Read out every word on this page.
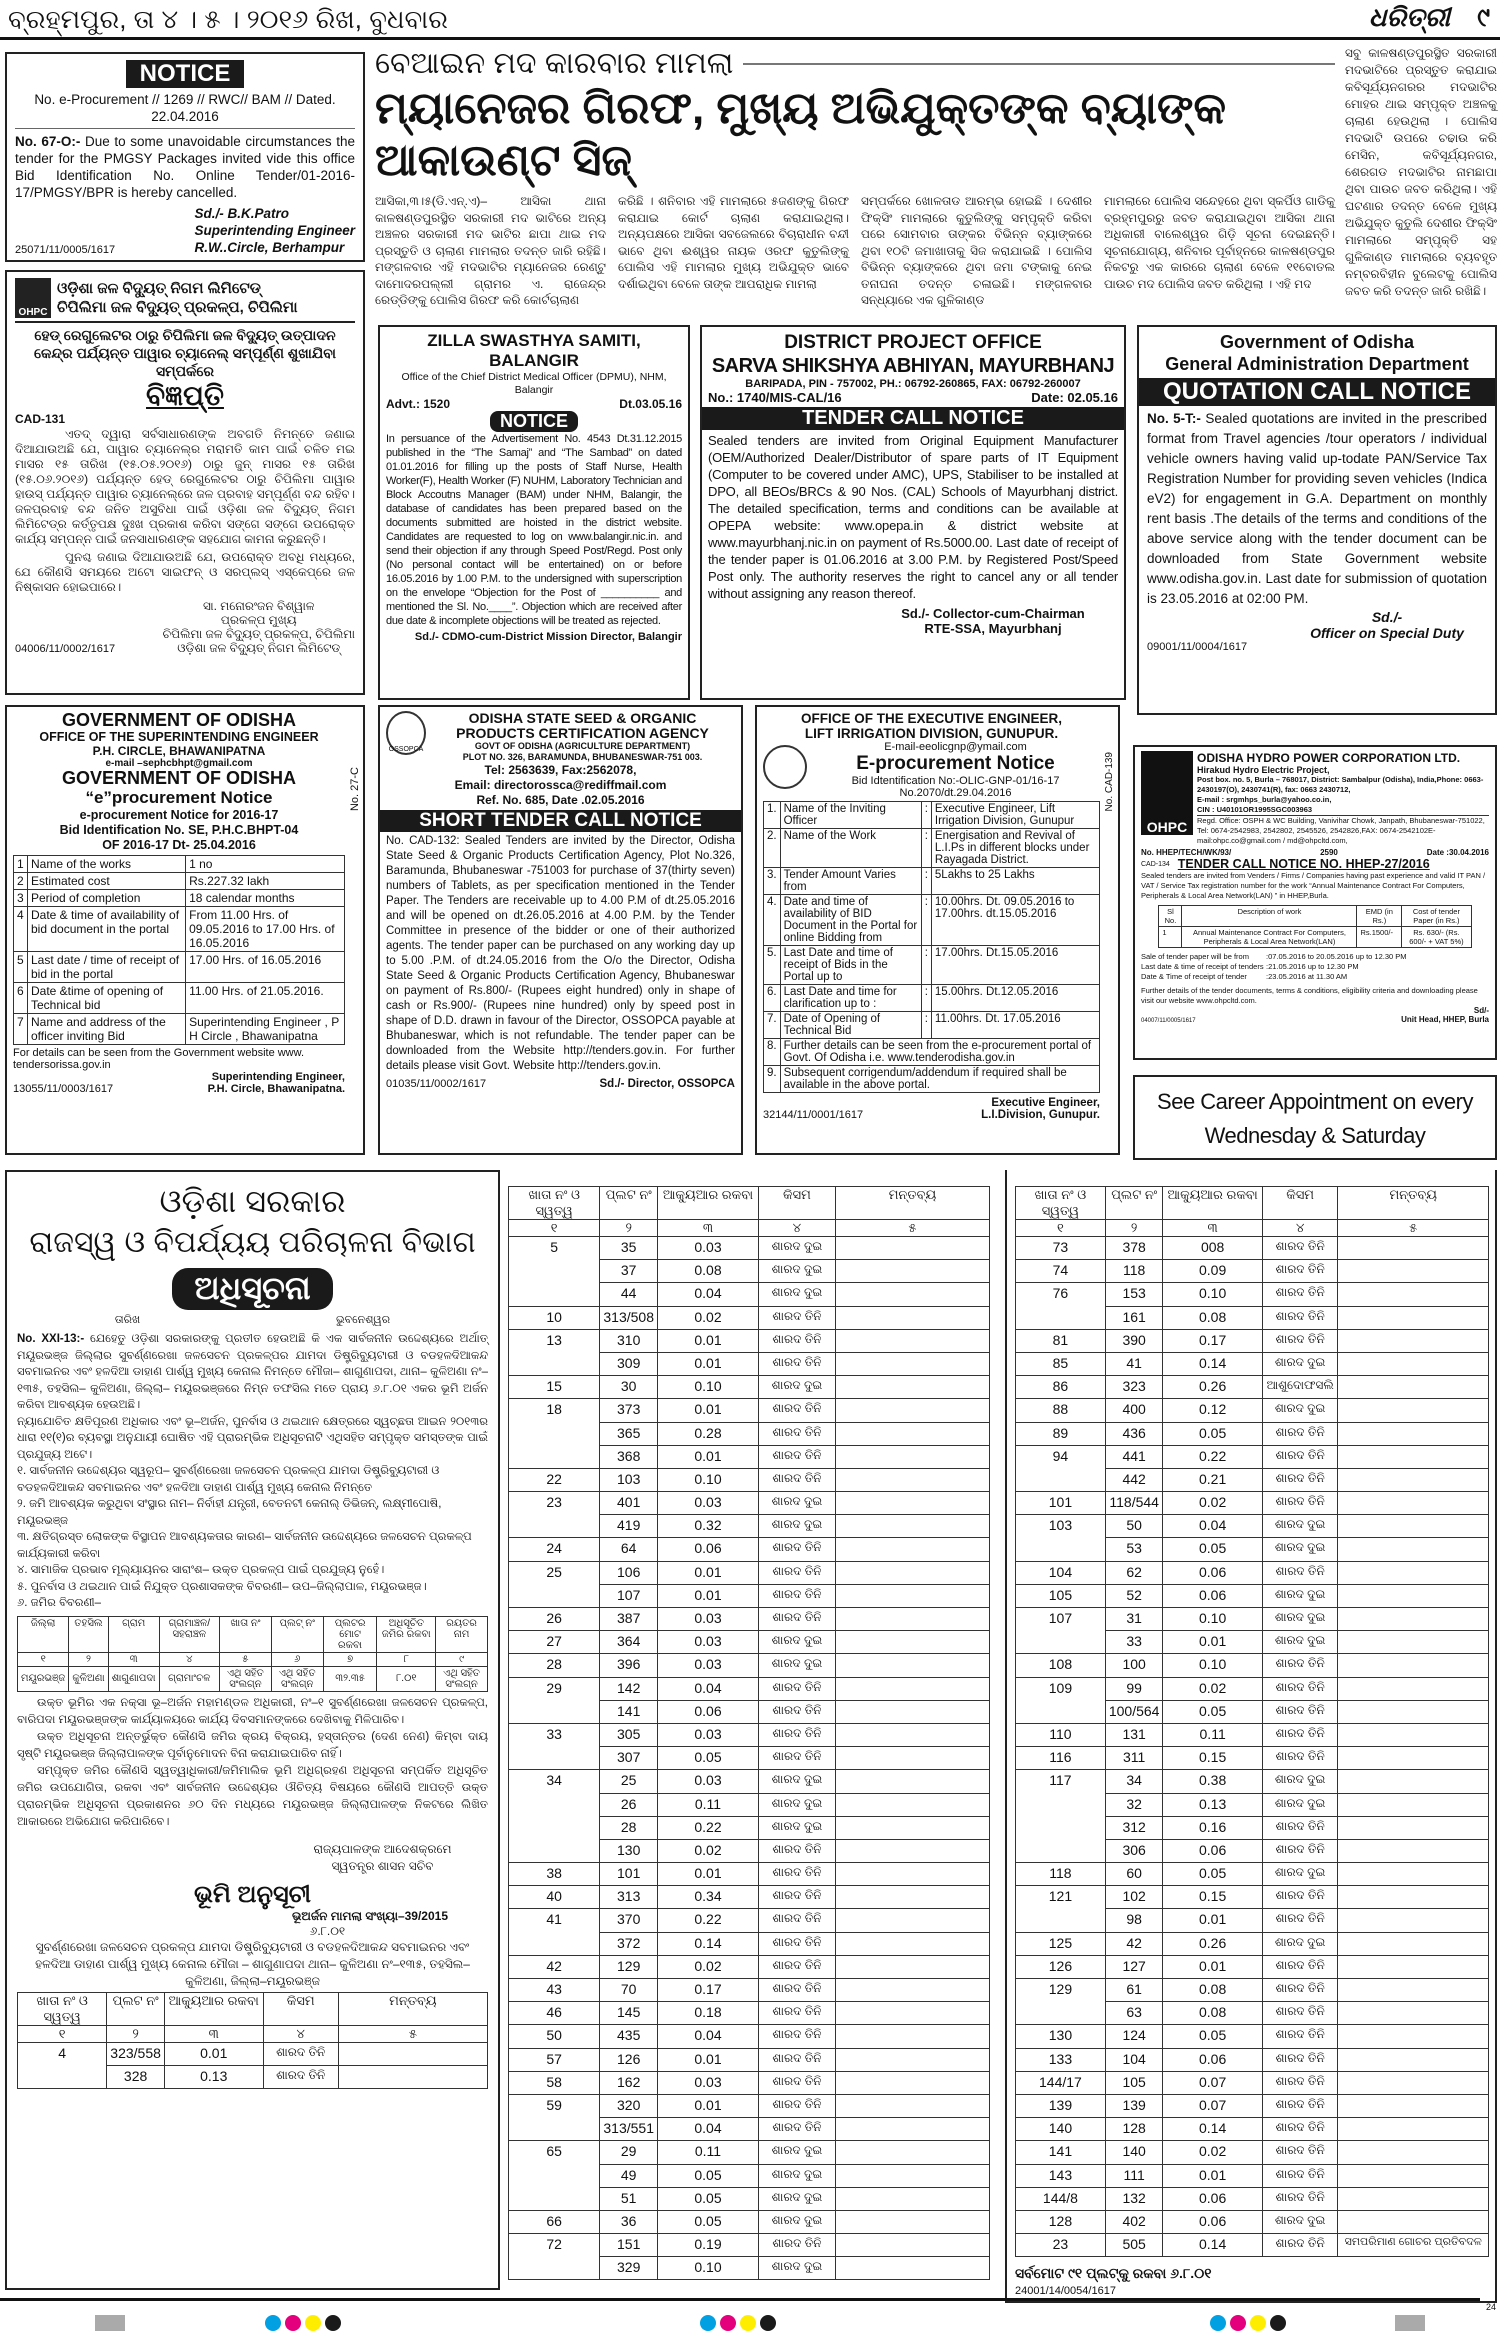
ବ୍ରହ୍ମପୁର, ତା ୪ । ୫ । ୨୦୧୬ ରିଖ, ବୁଧବାର	ଧରିତ୍ରୀ ୯
NOTICE
No. e-Procurement // 1269 // RWC// BAM // Dated. 22.04.2016
No. 67-O:- Due to some unavoidable circumstances the tender for the PMGSY Packages invited vide this office Bid Identification No. Online Tender/01-2016-17/PMGSY/BPR is hereby cancelled.
25071/11/0005/1617
Sd./- B.K.Patro
Superintending Engineer
R.W..Circle, Berhampur
OHPC
ଓଡ଼ିଶା ଜଳ ବିଦ୍ୟୁତ୍ ନିଗମ ଲିମିଟେଡ୍
ଚିପିଲିମା ଜଳ ବିଦ୍ୟୁତ୍ ପ୍ରକଳ୍ପ, ଚିପିଲିମା
ହେଡ୍ ରେଗୁଲେଟର ଠାରୁ ଚିପିଲିମା ଜଳ ବିଦ୍ୟୁତ୍ ଉତ୍ପାଦନ କେନ୍ଦ୍ର ପର୍ଯ୍ୟନ୍ତ ପାୱାର ଚ୍ୟାନେଲ୍ ସମ୍ପୂର୍ଣ୍ଣ ଶୁଖାଯିବା ସମ୍ପର୍କରେ
ବିଜ୍ଞପ୍ତି
CAD-131
ଏତଦ୍ ଦ୍ୱାରା ସର୍ବସାଧାରଣଙ୍କ ଅବଗତି ନିମନ୍ତେ ଜଣାଇ ଦିଆଯାଉଅଛି ଯେ, ପାୱାର ଚ୍ୟାନେଲ୍‌ର ମରାମତି କାମ ପାଇଁ ଚଳିତ ମଇ ମାସର ୧୫ ତାରିଖ (୧୫.୦୫.୨୦୧୬) ଠାରୁ ଜୁନ୍ ମାସର ୧୫ ତାରିଖ (୧୫.୦୬.୨୦୧୬) ପର୍ଯ୍ୟନ୍ତ ହେଡ୍ ରେଗୁଲେଟର ଠାରୁ ଚିପିଲିମା ପାୱାର ହାଉସ୍ ପର୍ଯ୍ୟନ୍ତ ପାୱାର ଚ୍ୟାନେଲ୍‌ରେ ଜଳ ପ୍ରବାହ ସମ୍ପୂର୍ଣ୍ଣ ବନ୍ଦ ରହିବ। ଜଳପ୍ରବାହ ବନ୍ଦ ଜନିତ ଅସୁବିଧା ପାଇଁ ଓଡ଼ିଶା ଜଳ ବିଦ୍ୟୁତ୍ ନିଗମ ଲିମିଟେଡ୍‌ର କର୍ତ୍ତୃପକ୍ଷ ଦୁଃଖ ପ୍ରକାଶ କରିବା ସଙ୍ଗେ ସଙ୍ଗେ ଉପରୋକ୍ତ କାର୍ଯ୍ୟ ସମ୍ପନ୍ନ ପାଇଁ ଜନସାଧାରଣଙ୍କ ସହଯୋଗ କାମନା କରୁଛନ୍ତି।
ପୁନଶ୍ଚ ଜଣାଇ ଦିଆଯାଉଅଛି ଯେ, ଉପରୋକ୍ତ ଅବଧି ମଧ୍ୟରେ, ଯେ କୌଣସି ସମୟରେ ଅଟୋ ସାଇଫନ୍ ଓ ସରପ୍ଲସ୍ ଏସ୍କେପ୍‌ରେ ଜଳ ନିଷ୍କାସନ ହୋଇପାରେ।
04006/11/0002/1617
ସା. ମନୋରଂଜନ ବିଶ୍ୱାଳ
ପ୍ରକଳ୍ପ ମୁଖ୍ୟ
ଚିପିଲିମା ଜଳ ବିଦ୍ୟୁତ୍ ପ୍ରକଳ୍ପ, ଚିପିଲିମା
ଓଡ଼ିଶା ଜଳ ବିଦ୍ୟୁତ୍ ନିଗମ ଲିମିଟେଡ୍
ବେଆଇନ ମଦ କାରବାର ମାମଲା
ମ୍ୟାନେଜର ଗିରଫ, ମୁଖ୍ୟ ଅଭିଯୁକ୍ତଙ୍କ ବ୍ୟାଙ୍କ ଆକାଉଣ୍ଟ ସିଜ୍
ଆସିକା,୩।୫(ଡି.ଏନ୍.ଏ)– ଆସିକା ଥାନା କାଳଷଣ୍ଡପୁରସ୍ଥିତ ସରକାରୀ ମଦ ଭାଟିରେ ଅନ୍ୟ ଅଞ୍ଚଳର ସରକାରୀ ମଦ ଭାଟିର ଛାପା ଥାଇ ମଦ ପ୍ରସ୍ତୁତି ଓ ଚାଲାଣ ମାମଲାର ତଦନ୍ତ ଜାରି ରହିଛି। ମଙ୍ଗଳବାର ଏହି ମଦଭାଟିର ମ୍ୟାନେଜର ରେଣ୍ଟୁ ଦାମୋଦରପଲ୍ଲୀ ଗ୍ରାମର ଏ. ରାଜେନ୍ଦ୍ର ରେଡ୍ଡିଙ୍କୁ ପୋଲିସ ଗିରଫ କରି କୋର୍ଟଚାଲାଣ
କରିଛି । ଶନିବାର ଏହି ମାମଲାରେ ୫ଜଣଙ୍କୁ ଗିରଫ କରାଯାଇ କୋର୍ଟ ଚାଲାଣ କରାଯାଇଥିଲା। ଅନ୍ୟପକ୍ଷରେ ଆସିକା ସବଜେଲରେ ବିଚାରାଧୀନ ବନ୍ଦୀ ଭାବେ ଥିବା ଈଶ୍ୱର ନାୟକ ଓରଫ କୁତୁଲିଙ୍କୁ ପୋଲିସ ଏହି ମାମଲାର ମୁଖ୍ୟ ଅଭିଯୁକ୍ତ ଭାବେ ଦର୍ଶାଇଥିବା ବେଳେ ତାଙ୍କ ଆପରାଧିକ ମାମଲା
ସମ୍ପର୍କରେ ଖୋଳତାଡ ଆରମ୍ଭ ହୋଇଛି । ଦେଶୀର ଫିକ୍ସିଂ ମାମଲାରେ କୁତୁଲିଙ୍କୁ ସମ୍ପୃକ୍ତି କରିବା ପରେ ସୋମବାର ତାଙ୍କର ବିଭିନ୍ନ ବ୍ୟାଙ୍କରେ ଥିବା ୧୦ଟି ଜମାଖାତାକୁ ସିଜ କରାଯାଇଛି । ପୋଲିସ ବିଭିନ୍ନ ବ୍ୟାଙ୍କରେ ଥିବା ଜମା ଟଙ୍କାକୁ ନେଇ ତନାଘନା ତଦନ୍ତ ଚଳାଇଛି। ମଙ୍ଗଳବାର ସନ୍ଧ୍ୟାରେ ଏକ ଗୁଳିକାଣ୍ଡ
ମାମଲାରେ ପୋଲିସ ସନ୍ଦେହରେ ଥିବା ସ୍କର୍ପିଓ ଗାଡିକୁ ବ୍ରହ୍ମପୁରରୁ ଜବତ କରାଯାଇଥିବା ଆସିକା ଥାନା ଅଧିକାରୀ ବାଲେଶ୍ୱର ଗିଡ଼ି ସୂଚନା ଦେଇଛନ୍ତି। ସୂଚନାଯୋଗ୍ୟ, ଶନିବାର ପୂର୍ବାହ୍ନରେ କାଳଷଣ୍ଡପୁର ନିକଟରୁ ଏକ କାରରେ ଚାଲାଣ ବେଳେ ୧୧ବୋତଲ ପାଉଚ ମଦ ପୋଲିସ ଜବତ କରିଥିଲା । ଏହି ମଦ
ସବୁ କାଳଷଣ୍ଡପୁରସ୍ଥିତ ସରକାରୀ ମଦଭାଟିରେ ପ୍ରସ୍ତୁତ କରାଯାଇ କବିସୂର୍ଯ୍ୟନଗରର ମଦଭାଟିର ମୋହର ଥାଇ ସମ୍ପୃକ୍ତ ଅଞ୍ଚଳକୁ ଚାଲାଣ ହେଉଥିଲା । ପୋଲିସ ମଦଭାଟି ଉପରେ ଚଢାଉ କରି ମେସିନ, କବିସୂର୍ଯ୍ୟନଗର, ଶେରଗଡ ମଦଭାଟିର ନାମଛାପା ଥିବା ପାଉଚ ଜବତ କରିଥିଲା। ଏହି ଘଟଣାର ତଦନ୍ତ ବେଳେ ମୁଖ୍ୟ ଅଭିଯୁକ୍ତ କୁତୁଲି ଦେଶୀର ଫିକ୍ସିଂ ମାମଲାରେ ସମ୍ପୃକ୍ତି ସହ ଗୁଳିକାଣ୍ଡ ମାମଲାରେ ବ୍ୟବହୃତ ନମ୍ବରବିହୀନ ବୁଲେଟକୁ ପୋଲିସ ଜବତ କରି ତଦନ୍ତ ଜାରି ରଖିଛି।
ZILLA SWASTHYA SAMITI, BALANGIR
Office of the Chief District Medical Officer (DPMU), NHM, Balangir
Advt.: 1520	Dt.03.05.16
NOTICE
In persuance of the Advertisement No. 4543 Dt.31.12.2015 published in the “The Samaj” and “The Sambad” on dated 01.01.2016 for filling up the posts of Staff Nurse, Health Worker(F), Health Worker (F) NUHM, Laboratory Technician and Block Accoutns Manager (BAM) under NHM, Balangir, the database of candidates has been prepared based on the documents submitted are hoisted in the district website. Candidates are requested to log on www.balangir.nic.in. and send their objection if any through Speed Post/Regd. Post only (No personal contact will be entertained) on or before 16.05.2016 by 1.00 P.M. to the undersigned with superscription on the envelope “Objection for the Post of __________ and mentioned the Sl. No.____”. Objection which are received after due date & incomplete objections will be treated as rejected.
Sd./- CDMO-cum-District Mission Director, Balangir
DISTRICT PROJECT OFFICE
SARVA SHIKSHYA ABHIYAN, MAYURBHANJ
BARIPADA, PIN - 757002, PH.: 06792-260865, FAX: 06792-260007
No.: 1740/MIS-CAL/16	Date: 02.05.16
TENDER CALL NOTICE
Sealed tenders are invited from Original Equipment Manufacturer (OEM/Authorized Dealer/Distributor of spare parts of IT Equipment (Computer to be covered under AMC), UPS, Stabiliser to be installed at DPO, all BEOs/BRCs & 90 Nos. (CAL) Schools of Mayurbhanj district. The detailed specification, terms and conditions can be available at OPEPA website: www.opepa.in & district website at www.mayurbhanj.nic.in on payment of Rs.5000.00. Last date of receipt of the tender paper is 01.06.2016 at 3.00 P.M. by Registered Post/Speed Post only. The authority reserves the right to cancel any or all tender without assigning any reason thereof.
Sd./- Collector-cum-Chairman
RTE-SSA, Mayurbhanj
Government of Odisha
General Administration Department
QUOTATION CALL NOTICE
No. 5-T:- Sealed quotations are invited in the prescribed format from Travel agencies /tour operators / individual vehicle owners having valid up-todate PAN/Service Tax Registration Number for providing seven vehicles (Indica eV2) for engagement in G.A. Department on monthly rent basis .The details of the terms and conditions of the above service along with the tender document can be downloaded from State Government website www.odisha.gov.in. Last date for submission of quotation is 23.05.2016 at 02:00 PM.
Sd./-
Officer on Special Duty
09001/11/0004/1617
No. 27-C
GOVERNMENT OF ODISHA
OFFICE OF THE SUPERINTENDING ENGINEER
P.H. CIRCLE, BHAWANIPATNA
e-mail –sephcbhpt@gmail.com
GOVERNMENT OF ODISHA
“e”procurement Notice
e-procurement Notice for 2016-17
Bid Identification No. SE, P.H.C.BHPT-04
OF 2016-17 Dt- 25.04.2016
1	Name of the works	1 no
2	Estimated cost	Rs.227.32 lakh
3	Period of completion	18 calendar months
4	Date & time of availability of bid document in the portal	From 11.00 Hrs. of 09.05.2016 to 17.00 Hrs. of 16.05.2016
5	Last date / time of receipt of bid in the portal	17.00 Hrs. of 16.05.2016
6	Date &time of opening of Technical bid	11.00 Hrs. of 21.05.2016.
7	Name and address of the officer inviting Bid	Superintending Engineer , P H Circle , Bhawanipatna
For details can be seen from the Government website www. tendersorissa.gov.in
13055/11/0003/1617
Superintending Engineer,
P.H. Circle, Bhawanipatna.
OSSOPCA
ODISHA STATE SEED & ORGANIC
PRODUCTS CERTIFICATION AGENCY
GOVT OF ODISHA (AGRICULTURE DEPARTMENT)
PLOT NO. 326, BARAMUNDA, BHUBANESWAR-751 003.
Tel: 2563639, Fax:2562078,
Email: directorossca@rediffmail.com
Ref. No. 685, Date .02.05.2016
SHORT TENDER CALL NOTICE
No. CAD-132: Sealed Tenders are invited by the Director, Odisha State Seed & Organic Products Certification Agency, Plot No.326, Baramunda, Bhubaneswar -751003 for purchase of 37(thirty seven) numbers of Tablets, as per specification mentioned in the Tender Paper. The Tenders are receivable up to 4.00 P.M of dt.25.05.2016 and will be opened on dt.26.05.2016 at 4.00 P.M. by the Tender Committee in presence of the bidder or one of their authorized agents. The tender paper can be purchased on any working day up to 5.00 .P.M. of dt.24.05.2016 from the O/o the Director, Odisha State Seed & Organic Products Certification Agency, Bhubaneswar on payment of Rs.800/- (Rupees eight hundred) only in shape of cash or Rs.900/- (Rupees nine hundred) only by speed post in shape of D.D. drawn in favour of the Director, OSSOPCA payable at Bhubaneswar, which is not refundable. The tender paper can be downloaded from the Website http://tenders.gov.in. For further details please visit Govt. Website http://tenders.gov.in.
01035/11/0002/1617	Sd./- Director, OSSOPCA
No. CAD-139
OFFICE OF THE EXECUTIVE ENGINEER,
LIFT IRRIGATION DIVISION, GUNUPUR.
E-mail-eeolicgnp@ymail.com
E-procurement Notice
Bid Idtentification No:-OLIC-GNP-01/16-17
No.2070/dt.29.04.2016
1.	Name of the Inviting Officer	:	Executive Engineer, Lift Irrigation Division, Gunupur
2.	Name of the Work	:	Energisation and Revival of L.I.Ps in different blocks under Rayagada District.
3.	Tender Amount Varies from	:	5Lakhs to 25 Lakhs
4.	Date and time of availability of BID Document in the Portal for online Bidding from	:	10.00hrs. Dt. 09.05.2016 to 17.00hrs. dt.15.05.2016
5.	Last Date and time of receipt of Bids in the Portal up to	:	17.00hrs. Dt.15.05.2016
6.	Last Date and time for clarification up to :	:	15.00hrs. Dt.12.05.2016
7.	Date of Opening of Technical Bid	:	11.00hrs. Dt. 17.05.2016
8.	Further details can be seen from the e-procurement portal of Govt. Of Odisha i.e. www.tenderodisha.gov.in		
9.	Subsequent corrigendum/addendum if required shall be available in the above portal.		
32144/11/0001/1617
Executive Engineer,
L.I.Division, Gunupur.
OHPC
ODISHA HYDRO POWER CORPORATION LTD.
Hirakud Hydro Electric Project,
Post box. no. 5, Burla – 768017, District: Sambalpur (Odisha), India,Phone: 0663-2430197(O), 2430741(R), fax: 0663 2430712,
E-mail : srgmhps_burla@yahoo.co.in,
CIN : U40101OR1995SGC003963
Regd. Office: OSPH & WC Building, Vanivihar Chowk, Janpath, Bhubaneswar-751022, Tel: 0674-2542983, 2542802, 2545526, 2542826,FAX: 0674-2542102E-mail:ohpc.co@gmail.com / md@ohpcltd.com,
No. HHEP/TECH/WK/93/	2590	Date :30.04.2016
CAD-134 TENDER CALL NOTICE NO. HHEP-27/2016
Sealed tenders are invited from Venders / Firms / Companies having past experience and valid IT PAN / VAT / Service Tax registration number for the work “Annual Maintenance Contract For Computers, Peripherals & Local Area Network(LAN) ” in HHEP,Burla.
Sl No.	Description of work	EMD (in Rs.)	Cost of tender Paper (in Rs.)
1	Annual Maintenance Contract For Computers, Peripherals & Local Area Network(LAN)	Rs.1500/-	Rs. 630/- (Rs. 600/- + VAT 5%)
Sale of tender paper will be from :07.05.2016 to 20.05.2016 up to 12.30 PM
Last date & time of receipt of tenders :21.05.2016 up to 12.30 PM
Date & Time of receipt of tender	:23.05.2016 at 11.30 AM
Further details of the tender documents, terms & conditions, eligibility criteria and downloading please visit our website www.ohpcltd.com.
04007/11/0005/1617
Sd/-
Unit Head, HHEP, Burla
See Career Appointment on every
Wednesday & Saturday
ଓଡ଼ିଶା ସରକାର
ରାଜସ୍ୱ ଓ ବିପର୍ଯ୍ୟୟ ପରିଚାଳନା ବିଭାଗ
ଅଧିସୂଚନା
ତାରିଖ	ଭୁବନେଶ୍ୱର
No. XXI-13:- ଯେହେତୁ ଓଡ଼ିଶା ସରକାରଙ୍କୁ ପ୍ରତୀତ ହେଉଅଛି କି ଏକ ସାର୍ବଜନୀନ ଉଦ୍ଦେଶ୍ୟରେ ଅର୍ଥାତ୍ ମୟୂରଭଞ୍ଜ ଜିଲ୍ଲାର ସୁବର୍ଣ୍ଣରେଖା ଜଳସେଚନ ପ୍ରକଳ୍ପର ଯାମଦା ଡିଷ୍ଟ୍ରିବ୍ୟୁଟାରୀ ଓ ବଡହଳଦିଆକନ୍ଦ ସବମାଇନର ଏବଂ ହଳଦିଆ ଡାହାଣ ପାର୍ଶ୍ୱ ମୁଖ୍ୟ କେନାଲ ନିମନ୍ତେ ମୌଜା– ଶାଗୁଣାପଦା, ଥାନା– କୁଳିଅଣା ନଂ–୧୩୫, ତହସିଲ– କୁଳିଅଣା, ଜିଲ୍ଲା– ମୟୂରଭଞ୍ଜରେ ନିମ୍ନ ତଫସିଲ ମତେ ପ୍ରାୟ ୬.୮.୦୧ ଏକର ଭୂମି ଅର୍ଜନ କରିବା ଆବଶ୍ୟକ ହେଉଅଛି।
ନ୍ୟାଯୋଚିତ କ୍ଷତିପୂରଣ ଅଧିକାର ଏବଂ ଭୂ–ଅର୍ଜନ, ପୁନର୍ବାସ ଓ ଥଇଥାନ କ୍ଷେତ୍ରରେ ସ୍ୱଚ୍ଛତା ଆଇନ ୨୦୧୩ର ଧାରା ୧୧(୧)ର ବ୍ୟବସ୍ଥା ଅନୁଯାୟୀ ଘୋଷିତ ଏହି ପ୍ରାରମ୍ଭିକ ଅଧିସୂଚନାଟି ଏଥିସହିତ ସମ୍ପୃକ୍ତ ସମସ୍ତଙ୍କ ପାଇଁ ପ୍ରଯୁଜ୍ୟ ଅଟେ।
୧. ସାର୍ବଜନୀନ ଉଦ୍ଦେଶ୍ୟର ସ୍ୱରୂପ– ସୁବର୍ଣ୍ଣରେଖା ଜଳସେଚନ ପ୍ରକଳ୍ପ ଯାମଦା ଡିଷ୍ଟ୍ରିବ୍ୟୁଟାରୀ ଓ ବଡହଳଦିଆକନ୍ଦ ସବମାଇନର ଏବଂ ହଳଦିଆ ଡାହାଣ ପାର୍ଶ୍ୱ ମୁଖ୍ୟ କେନାଲ ନିମନ୍ତେ
୨. ଜମି ଆବଶ୍ୟକ କରୁଥିବା ସଂସ୍ଥାର ନାମ– ନିର୍ବାହୀ ଯନ୍ତ୍ରୀ, ବେତନଟୀ କେନାଲ୍ ଡିଭିଜନ୍, ଲକ୍ଷ୍ମୀପୋଷି, ମୟୂରଭଞ୍ଜ
୩. କ୍ଷତିଗ୍ରସ୍ତ ଲୋକଙ୍କ ବିସ୍ଥାପନ ଆବଶ୍ୟକତାର କାରଣ– ସାର୍ବଜନୀନ ଉଦ୍ଦେଶ୍ୟରେ ଜଳସେଚନ ପ୍ରକଳ୍ପ କାର୍ଯ୍ୟକାରୀ କରିବା
୪. ସାମାଜିକ ପ୍ରଭାବ ମୂଲ୍ୟାୟନର ସାରାଂଶ– ଉକ୍ତ ପ୍ରକଳ୍ପ ପାଇଁ ପ୍ରଯୁଜ୍ୟ ନୁହେଁ।
୫. ପୁନର୍ବାସ ଓ ଥଇଥାନ ପାଇଁ ନିଯୁକ୍ତ ପ୍ରଶାସକଙ୍କ ବିବରଣୀ– ଉପ–ଜିଲ୍ଲାପାଳ, ମୟୂରଭଞ୍ଜ।
୬. ଜମିର ବିବରଣୀ–
ଜିଲ୍ଲା	ତହସିଲ	ଗ୍ରାମ	ଗ୍ରାମାଞ୍ଚଳ/ ସହରାଞ୍ଚଳ	ଖାତା ନଂ	ପ୍ଲଟ୍ ନଂ	ପ୍ଲଟର ମୋଟ ରକବା	ଅଧିସୂଚିତ ଜମିର ରକବା	ରୟତର ନାମ
୧	୨	୩	୪	୫	୬	୭	୮	୯
ମୟୂରଭଞ୍ଜ	କୁଳିଅଣା	ଶାଗୁଣାପଦା	ଗ୍ରାମାଂଚଳ	ଏଥି ସହିତ ସଂଲଗ୍ନ	ଏଥି ସହିତ ସଂଲଗ୍ନ	୩୨.୩୫	୮.୦୧	ଏଥି ସହିତ ସଂଲଗ୍ନ
ଉକ୍ତ ଭୂମିର ଏକ ନକ୍ସା ଭୂ–ଅର୍ଜନ ମହାମଣ୍ଡଳ ଅଧିକାରୀ, ନଂ–୧ ସୁବର୍ଣ୍ଣରେଖା ଜଳସେଚନ ପ୍ରକଳ୍ପ, ବାରିପଦା ମୟୂରଭଞ୍ଜଙ୍କ କାର୍ଯ୍ୟାଳୟରେ କାର୍ଯ୍ୟ ଦିବସମାନଙ୍କରେ ଦେଖିବାକୁ ମିଳିପାରିବ।
ଉକ୍ତ ଅଧିସୂଚନା ଅନ୍ତର୍ଭୁକ୍ତ କୌଣସି ଜମିର କ୍ରୟ ବିକ୍ରୟ, ହସ୍ତାନ୍ତର (ଦେଣ ନେଣ) କିମ୍ବା ଦାୟ ସୃଷ୍ଟି ମୟୂରଭଞ୍ଜ ଜିଲ୍ଲାପାଳଙ୍କ ପୂର୍ବାନୁମୋଦନ ବିନା କରାଯାଇପାରିବ ନାହିଁ।
ସମ୍ପୃକ୍ତ ଜମିର କୌଣସି ସ୍ୱତ୍ୱାଧିକାରୀ/ଜମିମାଲିକ ଭୂମି ଅଧିଗ୍ରହଣ ଅଧିସୂଚନା ସମ୍ପର୍କିତ ଅଧିସୂଚିତ ଜମିର ଉପଯୋଗିତା, ରକବା ଏବଂ ସାର୍ବଜନୀନ ଉଦ୍ଦେଶ୍ୟର ଔଚିତ୍ୟ ବିଷୟରେ କୌଣସି ଆପତ୍ତି ଉକ୍ତ ପ୍ରାରମ୍ଭିକ ଅଧିସୂଚନା ପ୍ରକାଶନର ୬୦ ଦିନ ମଧ୍ୟରେ ମୟୂରଭଞ୍ଜ ଜିଲ୍ଲାପାଳଙ୍କ ନିକଟରେ ଲିଖିତ ଆକାରରେ ଅଭିଯୋଗ କରିପାରିବେ।
ରାଜ୍ୟପାଳଙ୍କ ଆଦେଶକ୍ରମେ
ସ୍ୱତନ୍ତ୍ର ଶାସନ ସଚିବ
ଭୂମି ଅନୁସୂଚୀ
ଭୂଅର୍ଜନ ମାମଲା ସଂଖ୍ୟା–39/2015
୬.୮.୦୧
ସୁବର୍ଣ୍ଣରେଖା ଜଳସେଚନ ପ୍ରକଳ୍ପ ଯାମଦା ଡିଷ୍ଟ୍ରିବ୍ୟୁଟାରୀ ଓ ବଡହଳଦିଆକନ୍ଦ ସବମାଇନର ଏବଂ ହଳଦିଆ ଡାହାଣ ପାର୍ଶ୍ୱ ମୁଖ୍ୟ କେନାଲ ମୌଜା – ଶାଗୁଣାପଦା ଥାନା– କୁଳିଅଣା ନଂ–୧୩୫, ତହସିଲ– କୁଳିଅଣା, ଜିଲ୍ଲା–ମୟୂରଭଞ୍ଜ
ଖାତା ନଂ ଓ ସ୍ୱତ୍ୱ	ପ୍ଲଟ ନଂ	ଆକ୍ୟୁଆର ରକବା	କିସମ	ମନ୍ତବ୍ୟ
୧	୨	୩	୪	୫
4	323/558	0.01	ଶାରଦ ତିନି	
	328	0.13	ଶାରଦ ତିନି	
ଖାତା ନଂ ଓ ସ୍ୱତ୍ୱ	ପ୍ଲଟ ନଂ	ଆକ୍ୟୁଆର ରକବା	କିସମ	ମନ୍ତବ୍ୟ
୧	୨	୩	୪	୫
5	35	0.03	ଶାରଦ ଦୁଇ	
	37	0.08	ଶାରଦ ଦୁଇ	
	44	0.04	ଶାରଦ ଦୁଇ	
10	313/508	0.02	ଶାରଦ ତିନି	
13	310	0.01	ଶାରଦ ତିନି	
	309	0.01	ଶାରଦ ତିନି	
15	30	0.10	ଶାରଦ ଦୁଇ	
18	373	0.01	ଶାରଦ ତିନି	
	365	0.28	ଶାରଦ ତିନି	
	368	0.01	ଶାରଦ ତିନି	
22	103	0.10	ଶାରଦ ତିନି	
23	401	0.03	ଶାରଦ ଦୁଇ	
	419	0.32	ଶାରଦ ଦୁଇ	
24	64	0.06	ଶାରଦ ତିନି	
25	106	0.01	ଶାରଦ ତିନି	
	107	0.01	ଶାରଦ ତିନି	
26	387	0.03	ଶାରଦ ତିନି	
27	364	0.03	ଶାରଦ ଦୁଇ	
28	396	0.03	ଶାରଦ ଦୁଇ	
29	142	0.04	ଶାରଦ ତିନି	
	141	0.06	ଶାରଦ ତିନି	
33	305	0.03	ଶାରଦ ତିନି	
	307	0.05	ଶାରଦ ତିନି	
34	25	0.03	ଶାରଦ ଦୁଇ	
	26	0.11	ଶାରଦ ଦୁଇ	
	28	0.22	ଶାରଦ ଦୁଇ	
	130	0.02	ଶାରଦ ତିନି	
38	101	0.01	ଶାରଦ ତିନି	
40	313	0.34	ଶାରଦ ତିନି	
41	370	0.22	ଶାରଦ ତିନି	
	372	0.14	ଶାରଦ ତିନି	
42	129	0.02	ଶାରଦ ତିନି	
43	70	0.17	ଶାରଦ ତିନି	
46	145	0.18	ଶାରଦ ତିନି	
50	435	0.04	ଶାରଦ ତିନି	
57	126	0.01	ଶାରଦ ତିନି	
58	162	0.03	ଶାରଦ ତିନି	
59	320	0.01	ଶାରଦ ତିନି	
	313/551	0.04	ଶାରଦ ତିନି	
65	29	0.11	ଶାରଦ ଦୁଇ	
	49	0.05	ଶାରଦ ଦୁଇ	
	51	0.05	ଶାରଦ ଦୁଇ	
66	36	0.05	ଶାରଦ ଦୁଇ	
72	151	0.19	ଶାରଦ ତିନି	
	329	0.10	ଶାରଦ ଦୁଇ	
ଖାତା ନଂ ଓ ସ୍ୱତ୍ୱ	ପ୍ଲଟ ନଂ	ଆକ୍ୟୁଆର ରକବା	କିସମ	ମନ୍ତବ୍ୟ
୧	୨	୩	୪	୫
73	378	008	ଶାରଦ ତିନି	
74	118	0.09	ଶାରଦ ତିନି	
76	153	0.10	ଶାରଦ ତିନି	
	161	0.08	ଶାରଦ ତିନି	
81	390	0.17	ଶାରଦ ତିନି	
85	41	0.14	ଶାରଦ ଦୁଇ	
86	323	0.26	ଆଶୁଦୋଫସଲି	
88	400	0.12	ଶାରଦ ଦୁଇ	
89	436	0.05	ଶାରଦ ତିନି	
94	441	0.22	ଶାରଦ ତିନି	
	442	0.21	ଶାରଦ ତିନି	
101	118/544	0.02	ଶାରଦ ତିନି	
103	50	0.04	ଶାରଦ ଦୁଇ	
	53	0.05	ଶାରଦ ଦୁଇ	
104	62	0.06	ଶାରଦ ତିନି	
105	52	0.06	ଶାରଦ ଦୁଇ	
107	31	0.10	ଶାରଦ ଦୁଇ	
	33	0.01	ଶାରଦ ଦୁଇ	
108	100	0.10	ଶାରଦ ତିନି	
109	99	0.02	ଶାରଦ ତିନି	
	100/564	0.05	ଶାରଦ ତିନି	
110	131	0.11	ଶାରଦ ତିନି	
116	311	0.15	ଶାରଦ ତିନି	
117	34	0.38	ଶାରଦ ଦୁଇ	
	32	0.13	ଶାରଦ ଦୁଇ	
	312	0.16	ଶାରଦ ତିନି	
	306	0.06	ଶାରଦ ତିନି	
118	60	0.05	ଶାରଦ ଦୁଇ	
121	102	0.15	ଶାରଦ ତିନି	
	98	0.01	ଶାରଦ ତିନି	
125	42	0.26	ଶାରଦ ଦୁଇ	
126	127	0.01	ଶାରଦ ତିନି	
129	61	0.08	ଶାରଦ ତିନି	
	63	0.08	ଶାରଦ ତିନି	
130	124	0.05	ଶାରଦ ତିନି	
133	104	0.06	ଶାରଦ ତିନି	
144/17	105	0.07	ଶାରଦ ତିନି	
139	139	0.07	ଶାରଦ ତିନି	
140	128	0.14	ଶାରଦ ତିନି	
141	140	0.02	ଶାରଦ ତିନି	
143	111	0.01	ଶାରଦ ତିନି	
144/8	132	0.06	ଶାରଦ ତିନି	
128	402	0.06	ଶାରଦ ଦୁଇ	
23	505	0.14	ଶାରଦ ତିନି	ସମପରିମାଣ ଗୋଚର ପ୍ରତିବଦଳ
ସର୍ବମୋଟ ୯୧ ପ୍ଲଟ୍‌କୁ ରକବା ୬.୮.୦୧
24001/14/0054/1617
24
